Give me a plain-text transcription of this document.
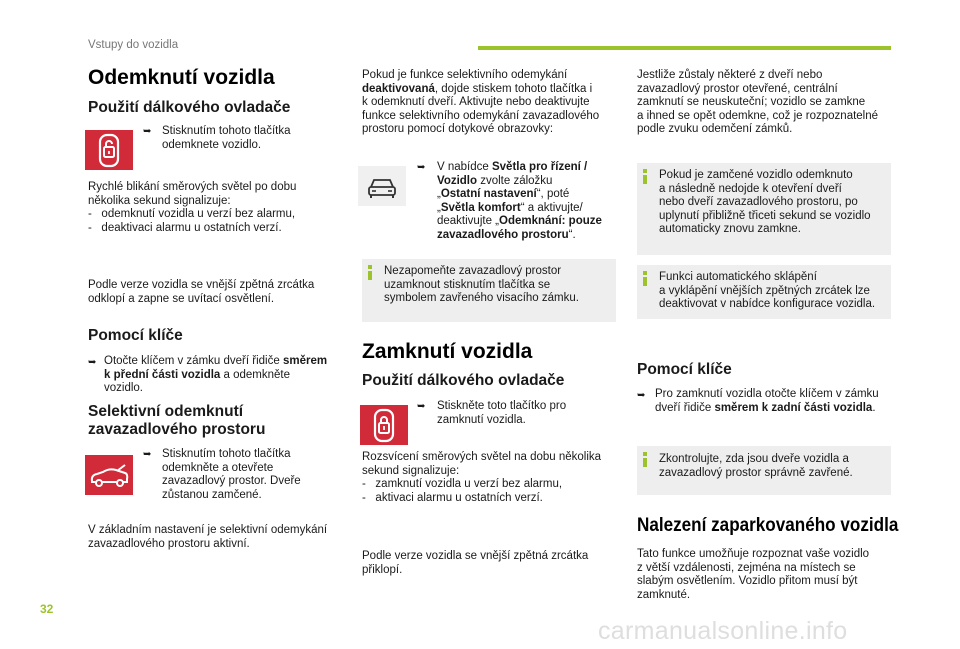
Vstupy do vozidla
Odemknutí vozidla
Použití dálkového ovladače
➥ Stisknutím tohoto tlačítka
odemknete vozidlo.
Rychlé blikání směrových světel po dobu
několika sekund signalizuje:
-   odemknutí vozidla u verzí bez alarmu,
-   deaktivaci alarmu u ostatních verzí.
Podle verze vozidla se vnější zpětná zrcátka
odklopí a zapne se uvítací osvětlení.
Pomocí klíče
➥ Otočte klíčem v zámku dveří řidiče směrem
k přední části vozidla a odemkněte
vozidlo.
Selektivní odemknutí
zavazadlového prostoru
➥ Stisknutím tohoto tlačítka
odemkněte a otevřete
zavazadlový prostor. Dveře
zůstanou zamčené.
V základním nastavení je selektivní odemykání
zavazadlového prostoru aktivní.
Pokud je funkce selektivního odemykání
deaktivovaná, dojde stiskem tohoto tlačítka i
k odemknutí dveří. Aktivujte nebo deaktivujte
funkce selektivního odemykání zavazadlového
prostoru pomocí dotykové obrazovky:
➥ V nabídce Světla pro řízení /
Vozidlo zvolte záložku
„Ostatní nastavení“, poté
„Světla komfort“ a aktivujte/
deaktivujte „Odemknání: pouze
zavazadlového prostoru“.
Nezapomeňte zavazadlový prostor
uzamknout stisknutím tlačítka se
symbolem zavřeného visacího zámku.
Zamknutí vozidla
Použití dálkového ovladače
➥ Stiskněte toto tlačítko pro
zamknutí vozidla.
Rozsvícení směrových světel na dobu několika
sekund signalizuje:
-   zamknutí vozidla u verzí bez alarmu,
-   aktivaci alarmu u ostatních verzí.
Podle verze vozidla se vnější zpětná zrcátka
přiklopí.
Jestliže zůstaly některé z dveří nebo
zavazadlový prostor otevřené, centrální
zamknutí se neuskuteční; vozidlo se zamkne
a ihned se opět odemkne, což je rozpoznatelné
podle zvuku odemčení zámků.
Pokud je zamčené vozidlo odemknuto
a následně nedojde k otevření dveří
nebo dveří zavazadlového prostoru, po
uplynutí přibližně třiceti sekund se vozidlo
automaticky znovu zamkne.
Funkci automatického sklápění
a vyklápění vnějších zpětných zrcátek lze
deaktivovat v nabídce konfigurace vozidla.
Pomocí klíče
➥ Pro zamknutí vozidla otočte klíčem v zámku
dveří řidiče směrem k zadní části vozidla.
Zkontrolujte, zda jsou dveře vozidla a
zavazadlový prostor správně zavřené.
Nalezení zaparkovaného vozidla
Tato funkce umožňuje rozpoznat vaše vozidlo
z větší vzdálenosti, zejména na místech se
slabým osvětlením. Vozidlo přitom musí být
zamknuté.
32
carmanualsonline.info
